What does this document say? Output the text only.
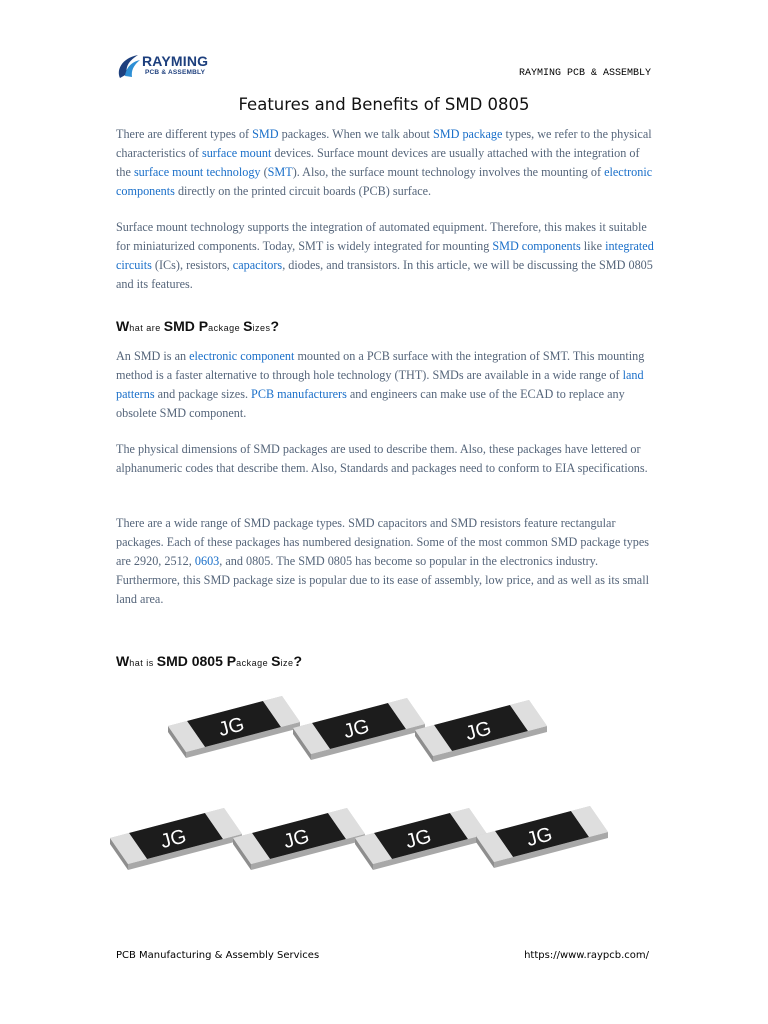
RAYMING
PCB & ASSEMBLY	RAYMING PCB & ASSEMBLY
Features and Benefits of SMD 0805

There are different types of SMD packages. When we talk about SMD package types, we refer to the physical characteristics of surface mount devices. Surface mount devices are usually attached with the integration of the surface mount technology (SMT). Also, the surface mount technology involves the mounting of electronic components directly on the printed circuit boards (PCB) surface.

Surface mount technology supports the integration of automated equipment. Therefore, this makes it suitable for miniaturized components. Today, SMT is widely integrated for mounting SMD components like integrated circuits (ICs), resistors, capacitors, diodes, and transistors. In this article, we will be discussing the SMD 0805 and its features.

What are SMD Package Sizes?

An SMD is an electronic component mounted on a PCB surface with the integration of SMT. This mounting method is a faster alternative to through hole technology (THT). SMDs are available in a wide range of land patterns and package sizes. PCB manufacturers and engineers can make use of the ECAD to replace any obsolete SMD component.

The physical dimensions of SMD packages are used to describe them. Also, these packages have lettered or alphanumeric codes that describe them. Also, Standards and packages need to conform to EIA specifications.

There are a wide range of SMD package types. SMD capacitors and SMD resistors feature rectangular packages. Each of these packages has numbered designation. Some of the most common SMD package types are 2920, 2512, 0603, and 0805. The SMD 0805 has become so popular in the electronics industry. Furthermore, this SMD package size is popular due to its ease of assembly, low price, and as well as its small land area.

What is SMD 0805 Package Size?
JG	JG	JG
JG	JG	JG	JG
PCB Manufacturing & Assembly Services	https://www.raypcb.com/
